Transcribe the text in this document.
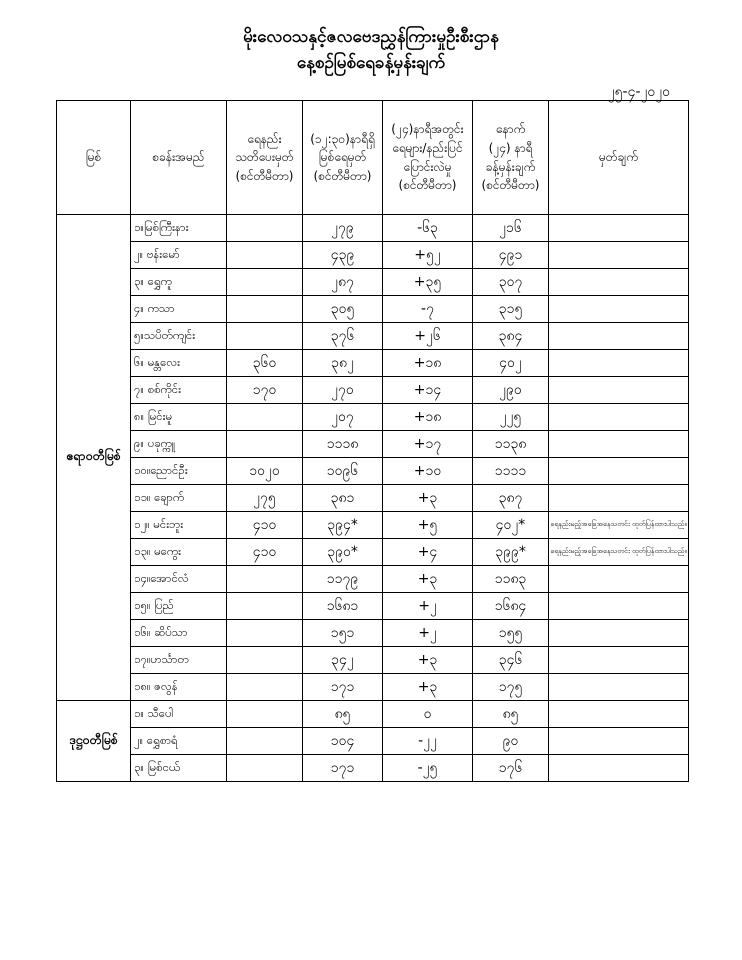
မိုးလေဝသနှင့်ဇလဗေဒညွှန်ကြားမှုဦးစီးဌာန
နေ့စဉ်မြစ်ရေခန့်မှန်းချက်
၂၅-၄-၂၀၂၀
မြစ်	စခန်းအမည်	ရေနည်း
သတိပေးမှတ်
(စင်တီမီတာ)	(၁၂:၃၀)နာရီရှိ
မြစ်ရေမှတ်
(စင်တီမီတာ)	(၂၄)နာရီအတွင်း
ရေများ/နည်းပြင်
ပြောင်းလဲမှု
(စင်တီမီတာ)	နောက်
(၂၄) နာရီ
ခန့်မှန်းချက်
(စင်တီမီတာ)	မှတ်ချက်
ဧရာဝတီမြစ်	၁။မြစ်ကြီးနား		၂၇၉	-၆၃	၂၁၆	
	၂။ ဗန်းမော်		၄၃၉	+၅၂	၄၉၁	
	၃။ ရွှေကူ		၂၈၇	+၃၅	၃၀၇	
	၄။ ကသာ		၃၀၅	-၇	၃၁၅	
	၅။သပိတ်ကျင်း		၃၇၆	+၂၆	၃၈၄	
	၆။ မန္တလေး	၃၆၀	၃၈၂	+၁၈	၄၀၂	
	၇။ စစ်ကိုင်း	၁၇၀	၂၇၀	+၁၄	၂၉၀	
	၈။ မြင်းမူ		၂၀၇	+၁၈	၂၂၅	
	၉။ ပခုက္ကူ		၁၁၁၈	+၁၇	၁၁၃၈	
	၁၀။ညောင်ဦး	၁၀၂၀	၁၀၉၆	+၁၀	၁၁၁၁	
	၁၁။ ချောက်	၂၇၅	၃၈၁	+၃	၃၈၇	
	၁၂။ မင်းဘူး	၄၁၀	၃၉၄*	+၅	၄၀၂*	ရေနည်းမည့်အခြေအနေသတင်း ထုတ်ပြန်ထားပါသည်။
	၁၃။ မကွေး	၄၁၀	၃၉၀*	+၄	၃၉၉*	ရေနည်းမည့်အခြေအနေသတင်း ထုတ်ပြန်ထားပါသည်။
	၁၄။အောင်လံ		၁၁၇၉	+၃	၁၁၈၃	
	၁၅။ ပြည်		၁၆၈၁	+၂	၁၆၈၄	
	၁၆။ ဆိပ်သာ		၁၅၁	+၂	၁၅၅	
	၁၇။ဟင်္သာတ		၃၄၂	+၃	၃၄၆	
	၁၈။ ဇလွန်		၁၇၁	+၃	၁၇၅	
ဒုဋ္ဌဝတီမြစ်	၁။ သီပေါ		၈၅	၀	၈၅	
	၂။ ရွှေစာရံ		၁၀၄	-၂၂	၉၀	
	၃။ မြစ်ငယ်		၁၇၁	-၂၅	၁၇၆	
